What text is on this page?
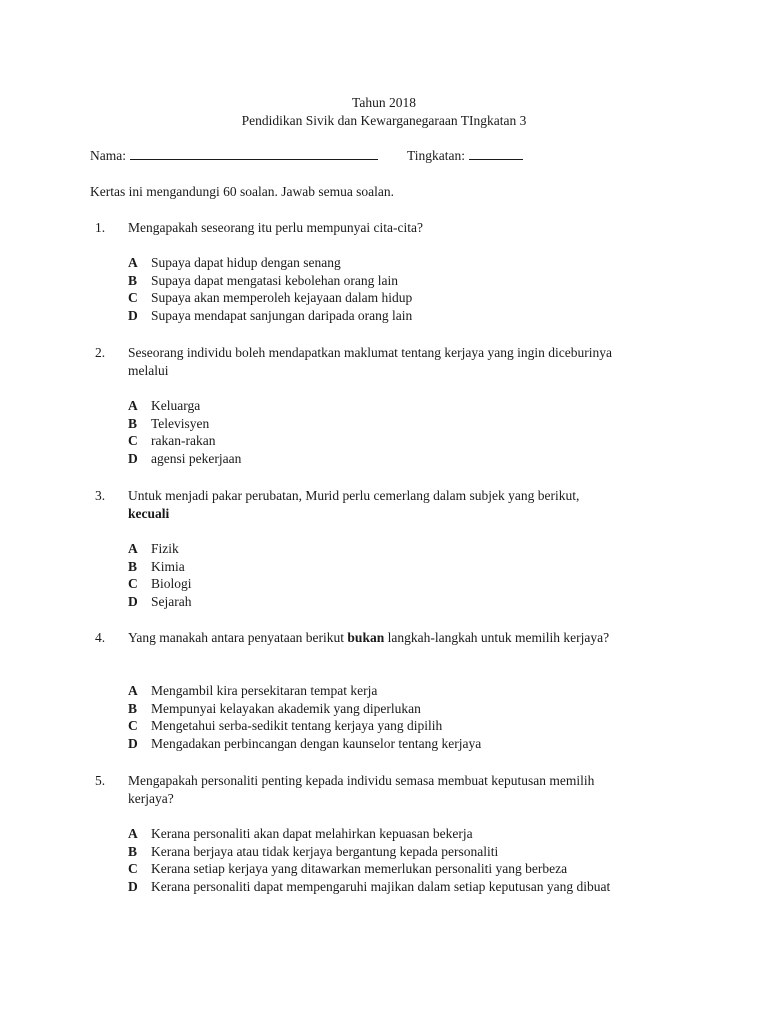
Tahun 2018
Pendidikan Sivik dan Kewarganegaraan TIngkatan 3
Nama:	Tingkatan:
Kertas ini mengandungi 60 soalan. Jawab semua soalan.
1. Mengapakah seseorang itu perlu mempunyai cita-cita?
A Supaya dapat hidup dengan senang
B Supaya dapat mengatasi kebolehan orang lain
C Supaya akan memperoleh kejayaan dalam hidup
D Supaya mendapat sanjungan daripada orang lain
2. Seseorang individu boleh mendapatkan maklumat tentang kerjaya yang ingin diceburinya melalui
A Keluarga
B Televisyen
C rakan-rakan
D agensi pekerjaan
3. Untuk menjadi pakar perubatan, Murid perlu cemerlang dalam subjek yang berikut,
kecuali
A Fizik
B Kimia
C Biologi
D Sejarah
4. Yang manakah antara penyataan berikut bukan langkah-langkah untuk memilih kerjaya?
A Mengambil kira persekitaran tempat kerja
B Mempunyai kelayakan akademik yang diperlukan
C Mengetahui serba-sedikit tentang kerjaya yang dipilih
D Mengadakan perbincangan dengan kaunselor tentang kerjaya
5. Mengapakah personaliti penting kepada individu semasa membuat keputusan memilih kerjaya?
A Kerana personaliti akan dapat melahirkan kepuasan bekerja
B Kerana berjaya atau tidak kerjaya bergantung kepada personaliti
C Kerana setiap kerjaya yang ditawarkan memerlukan personaliti yang berbeza
D Kerana personaliti dapat mempengaruhi majikan dalam setiap keputusan yang dibuat
